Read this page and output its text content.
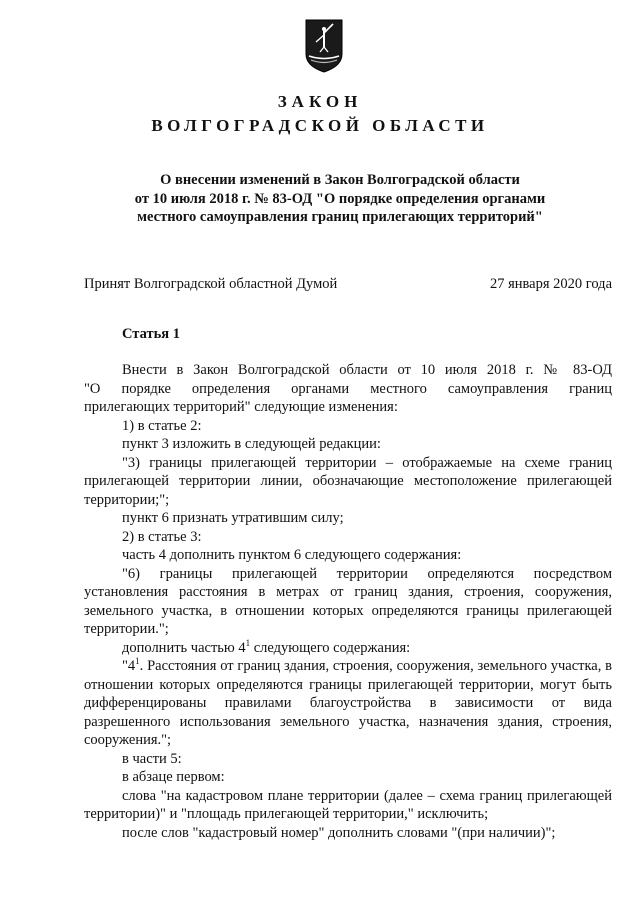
ЗАКОН
ВОЛГОГРАДСКОЙ ОБЛАСТИ
О внесении изменений в Закон Волгоградской области
от 10 июля 2018 г. № 83-ОД "О порядке определения органами
местного самоуправления границ прилегающих территорий"
Принят Волгоградской областной Думой	27 января 2020 года
Статья 1

Внести в Закон Волгоградской области от 10 июля 2018 г. № 83-ОД

"О порядке определения органами местного самоуправления границ

прилегающих территорий" следующие изменения:

1) в статье 2:

пункт 3 изложить в следующей редакции:

"3) границы прилегающей территории – отображаемые на схеме границ прилегающей территории линии, обозначающие местоположение прилегающей территории;";

пункт 6 признать утратившим силу;

2) в статье 3:

часть 4 дополнить пунктом 6 следующего содержания:

"6) границы прилегающей территории определяются посредством установления расстояния в метрах от границ здания, строения, сооружения, земельного участка, в отношении которых определяются границы прилегающей территории.";

дополнить частью $4^1$ следующего содержания:

"$4^1$. Расстояния от границ здания, строения, сооружения, земельного участка, в отношении которых определяются границы прилегающей территории, могут быть дифференцированы правилами благоустройства в зависимости от вида разрешенного использования земельного участка, назначения здания, строения, сооружения.";

в части 5:

в абзаце первом:

слова "на кадастровом плане территории (далее – схема границ прилегающей территории)" и "площадь прилегающей территории," исключить;

после слов "кадастровый номер" дополнить словами "(при наличии)";
